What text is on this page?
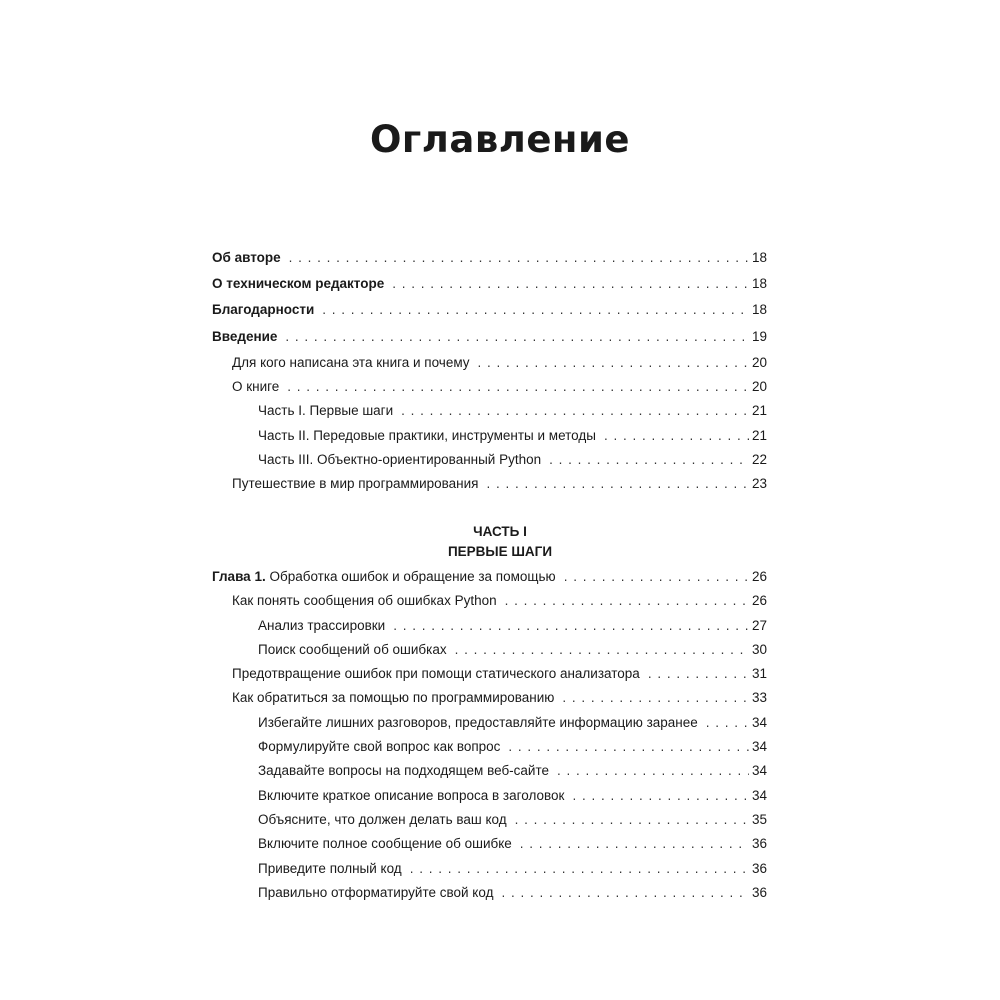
Оглавление
Об авторе . . .	18
О техническом редакторе . . .	18
Благодарности . . .	18
Введение . . .	19
Для кого написана эта книга и почему . . .	20
О книге . . .	20
Часть I. Первые шаги . . .	21
Часть II. Передовые практики, инструменты и методы . . .	21
Часть III. Объектно-ориентированный Python . . .	22
Путешествие в мир программирования . . .	23
ЧАСТЬ I
ПЕРВЫЕ ШАГИ
Глава 1. Обработка ошибок и обращение за помощью . . .	26
Как понять сообщения об ошибках Python . . .	26
Анализ трассировки . . .	27
Поиск сообщений об ошибках . . .	30
Предотвращение ошибок при помощи статического анализатора . . .	31
Как обратиться за помощью по программированию . . .	33
Избегайте лишних разговоров, предоставляйте информацию заранее . . .	34
Формулируйте свой вопрос как вопрос . . .	34
Задавайте вопросы на подходящем веб-сайте . . .	34
Включите краткое описание вопроса в заголовок . . .	34
Объясните, что должен делать ваш код . . .	35
Включите полное сообщение об ошибке . . .	36
Приведите полный код . . .	36
Правильно отформатируйте свой код . . .	36
